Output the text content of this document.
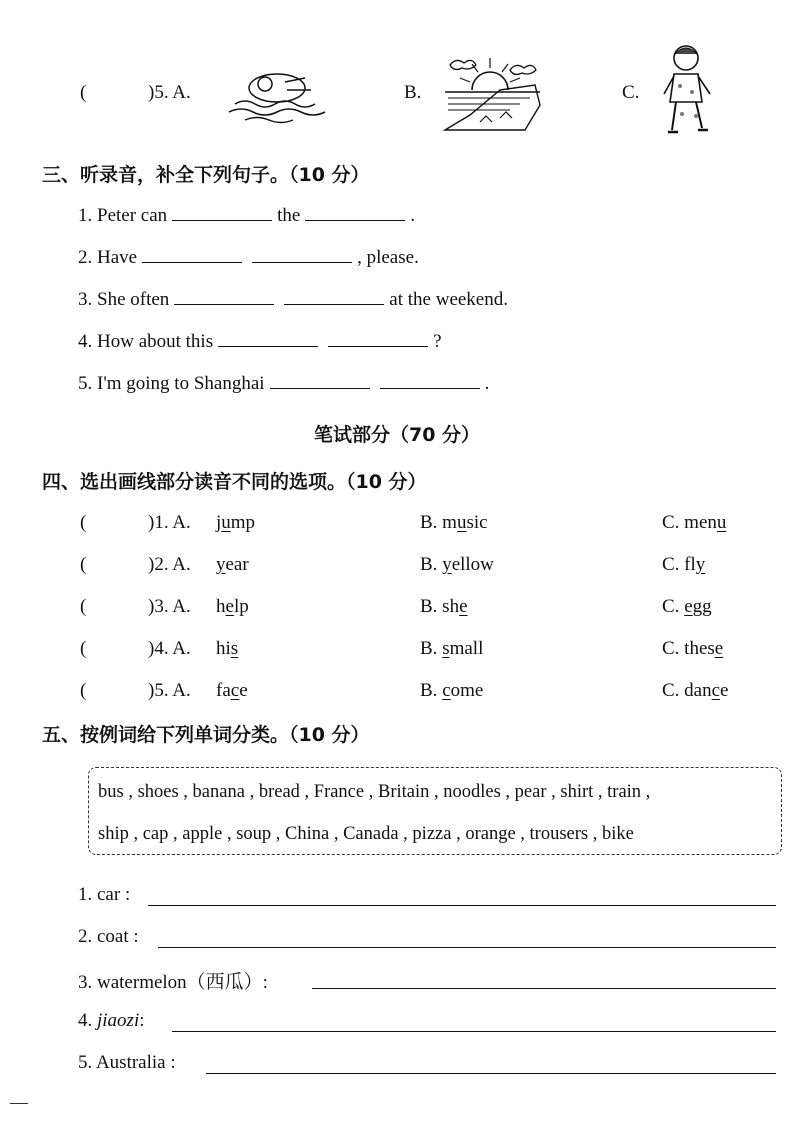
(	)5. A.	B.	C.
三、听录音，补全下列句子。（10 分）
1. Peter can	the	.
2. Have	, please.
3. She often	at the weekend.
4. How about this	?
5. I'm going to Shanghai	.
笔试部分（70 分）
四、选出画线部分读音不同的选项。（10 分）
(	)1. A. jump	B. music	C. menu
(	)2. A. year	B. yellow	C. fly
(	)3. A. help	B. she	C. egg
(	)4. A. his	B. small	C. these
(	)5. A. face	B. come	C. dance
五、按例词给下列单词分类。（10 分）
bus , shoes , banana , bread , France , Britain , noodles , pear , shirt , train ,
ship , cap , apple , soup , China , Canada , pizza , orange , trousers , bike
1. car :
2. coat :
3. watermelon（西瓜）:
4. jiaozi:
5. Australia :
—
